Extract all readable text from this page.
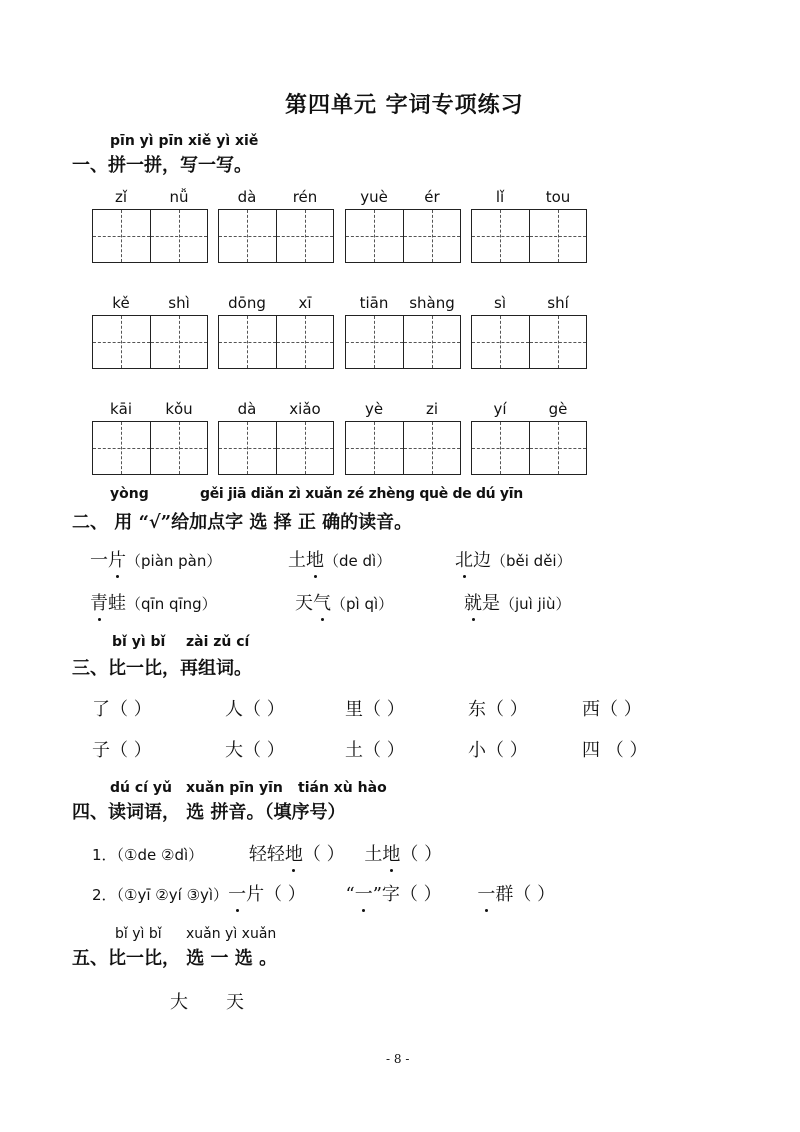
第四单元 字词专项练习
pīn yì pīn xiě yì xiě
一、拼一拼，写一写。
zǐ	nǚ	dà	rén	yuè	ér	lǐ	tou
kě	shì	dōng	xī	tiān	shàng	sì	shí
kāi	kǒu	dà	xiǎo	yè	zi	yí	gè
yòng	gěi jiā diǎn zì xuǎn zé zhèng què de dú yīn
二、 用 “√”给加点字 选 择 正 确的读音。
一片（piàn pàn）	土地（de dì）	北边（běi děi）
青蛙（qīn qīng）	天气（pì qì）	就是（juì jiù）
bǐ yì bǐ zài zǔ cí
三、比一比，再组词。
了（ ）	人（ ）	里（ ）	东（ ）	西（ ）
子（ ）	大（ ）	土（ ）	小（ ）	四 （ ）
dú cí yǔ xuǎn pīn yīn tián xù hào
四、读词语， 选 拼音。（填序号）
1．（①de ②dì）	轻轻地（ ） 土地（ ）
2．（①yī ②yí ③yì）一片（ ） “一”字（ ） 一群（ ）
bǐ yì bǐ xuǎn yì xuǎn
五、比一比， 选 一 选 。
大 天
- 8 -
